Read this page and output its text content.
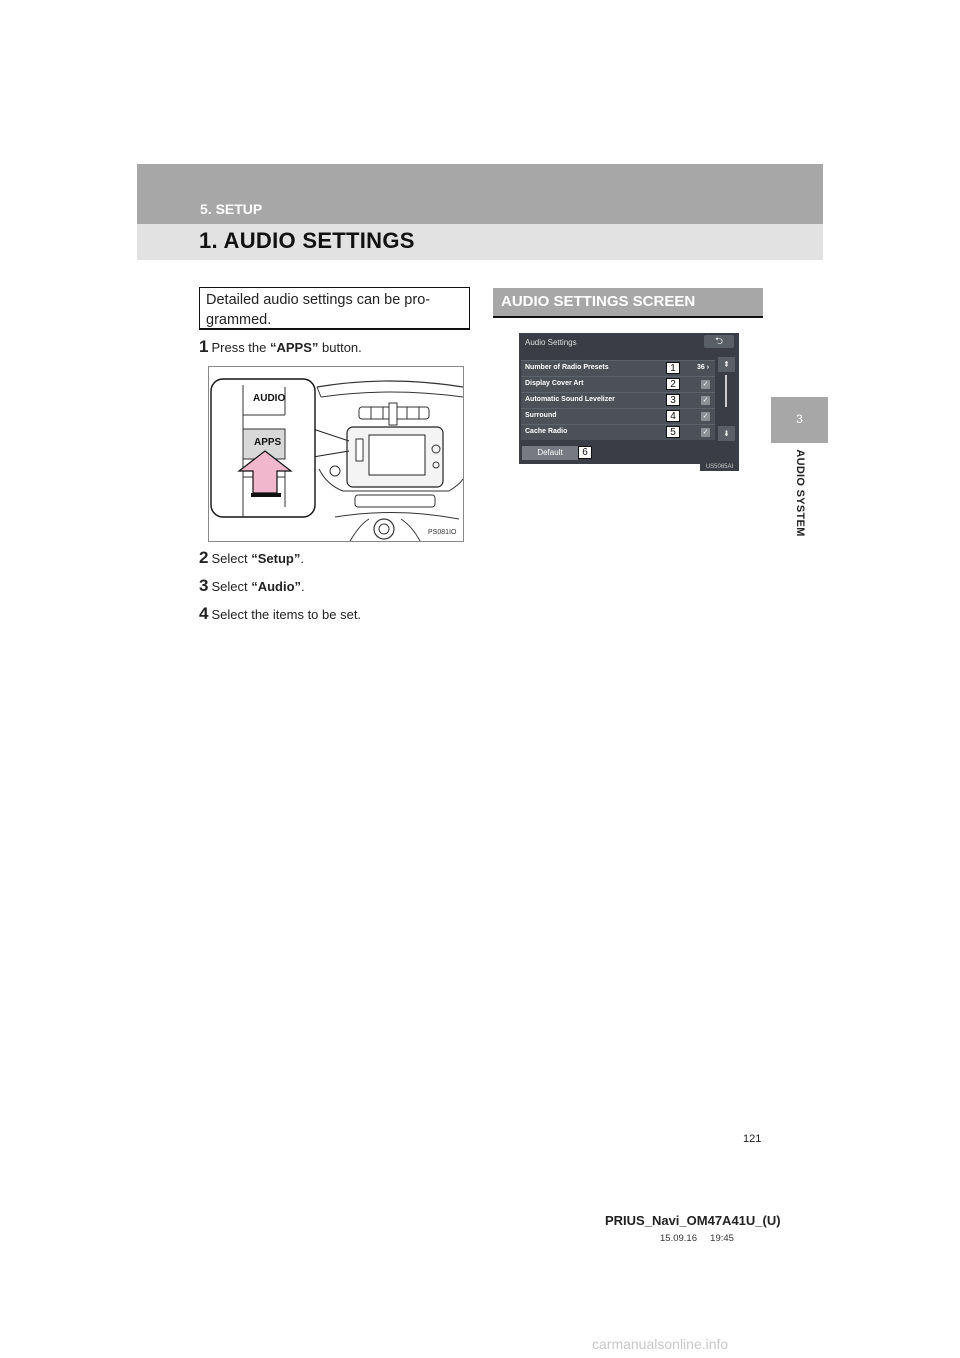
5. SETUP
1. AUDIO SETTINGS
3
AUDIO SYSTEM
Detailed audio settings can be pro-
grammed.
1 Press the “APPS” button.
AUDIO
APPS
PS081IO
2 Select “Setup”.
3 Select “Audio”.
4 Select the items to be set.
AUDIO SETTINGS SCREEN
Audio Settings	⮌
Number of Radio Presets	1	36 ›
Display Cover Art	2	✓
Automatic Sound Levelizer	3	✓
Surround	4	✓
Cache Radio	5	✓
⇞
⇟
Default	6
US5065AI
121
PRIUS_Navi_OM47A41U_(U)
15.09.16     19:45
carmanualsonline.info
